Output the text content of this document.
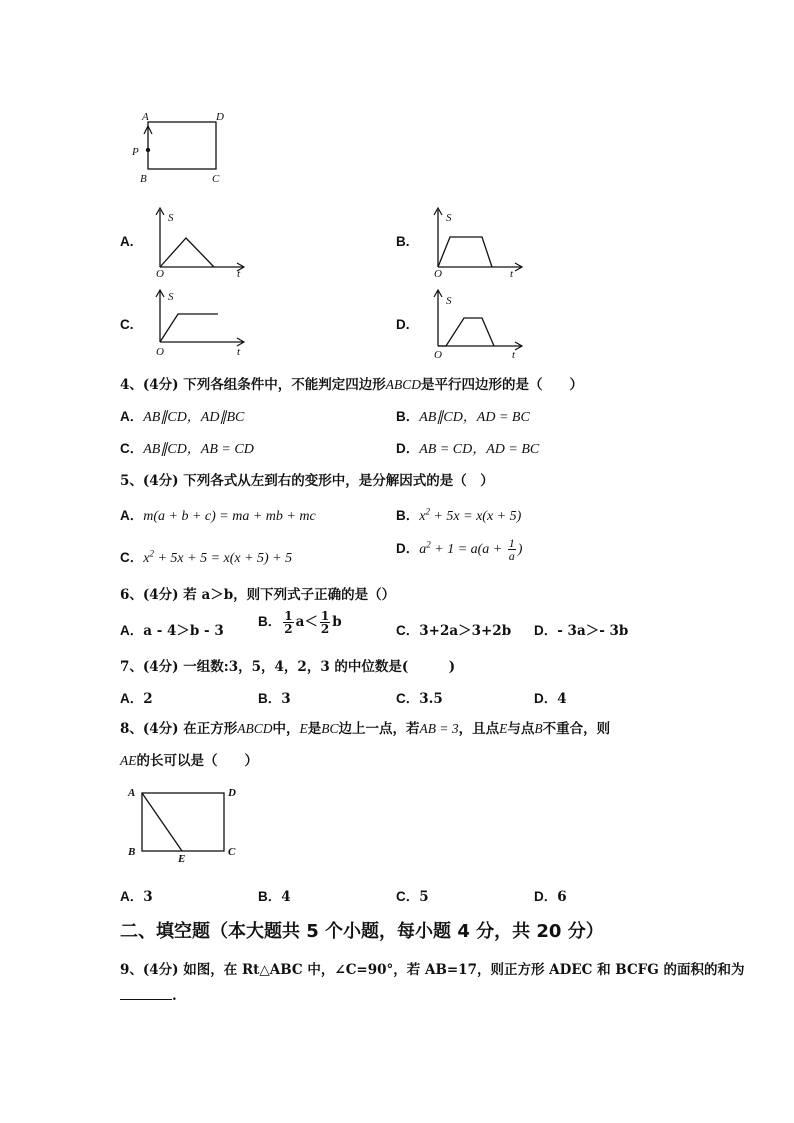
A	D
P
B	C
A.
S
O	t
B.
S
O	t
C.
S
O	t
D.
S
O	t
4、(4分) 下列各组条件中，不能判定四边形ABCD是平行四边形的是（　　）
A．AB∥CD，AD∥BC	B．AB∥CD，AD = BC
C．AB∥CD，AB = CD	D．AB = CD，AD = BC
5、(4分) 下列各式从左到右的变形中，是分解因式的是（　）
A．m(a + b + c) = ma + mb + mc	B．$x^2 + 5x = x(x + 5)$
C．$x^2 + 5x + 5 = x(x + 5) + 5$
D．$a^2 + 1 = a(a + \frac{1}{a}$ )
6、(4分) 若 a＞b，则下列式子正确的是（）
A．a - 4＞b - 3
B． $\frac{1}{2} a< \frac{1}{2}$ b
C．3+2a＞3+2b D．- 3a＞- 3b
7、(4分) 一组数:3，5，4，2，3 的中位数是(　　　)
A．2	B．3	C．3.5	D．4
8、(4分) 在正方形ABCD中，E是BC边上一点，若AB = 3，且点E与点B不重合，则
AE的长可以是（　　）
A	D
B
E
C
A．3	B．4	C．5	D．6
二、填空题（本大题共 5 个小题，每小题 4 分，共 20 分）
9、(4分) 如图，在 Rt△ABC 中，∠C=90°，若 AB=17，则正方形 ADEC 和 BCFG 的面积的和为
.
